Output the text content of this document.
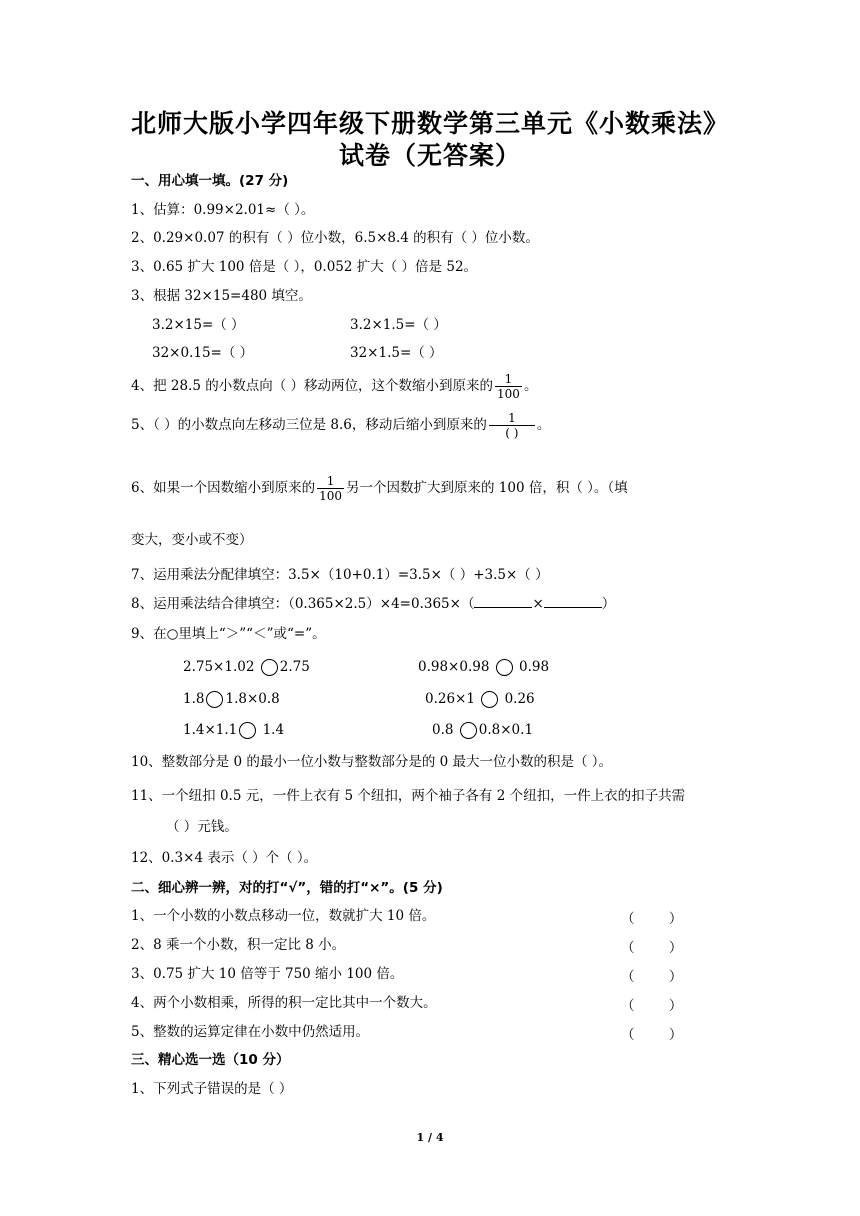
北师大版小学四年级下册数学第三单元《小数乘法》
试卷（无答案）
一、用心填一填。(27 分)
1、估算：0.99×2.01≈（ ）。
2、0.29×0.07 的积有（ ）位小数，6.5×8.4 的积有（ ）位小数。
3、0.65 扩大 100 倍是（ ），0.052 扩大（ ）倍是 52。
3、根据 32×15=480 填空。
3.2×15=（ ）	3.2×1.5=（ ）
32×0.15=（ ）	32×1.5=（ ）
4、把 28.5 的小数点向（ ）移动两位，这个数缩小到原来的 $\frac{1}{100}$ 。
5、（ ）的小数点向左移动三位是 8.6，移动后缩小到原来的 $\frac{1}{( )}$ 。
6、如果一个因数缩小到原来的 $\frac{1}{100}$ 另一个因数扩大到原来的 100 倍，积（ ）。（填
变大，变小或不变）
7、运用乘法分配律填空：3.5×（10+0.1）=3.5×（ ）+3.5×（ ）
8、运用乘法结合律填空：（0.365×2.5）×4=0.365×（	×	）
9、在○里填上“＞”“＜”或“=”。
2.75×1.02 2.75	0.98×0.98 0.98
1.8 1.8×0.8	0.26×1 0.26
1.4×1.1 1.4	0.8 0.8×0.1
10、整数部分是 0 的最小一位小数与整数部分是的 0 最大一位小数的积是（ ）。
11、一个纽扣 0.5 元，一件上衣有 5 个纽扣，两个袖子各有 2 个纽扣，一件上衣的扣子共需
（ ）元钱。
12、0.3×4 表示（ ）个（ ）。
二、细心辨一辨，对的打“√”，错的打“×”。(5 分)
1、一个小数的小数点移动一位，数就扩大 10 倍。	（        ）
2、8 乘一个小数，积一定比 8 小。	（        ）
3、0.75 扩大 10 倍等于 750 缩小 100 倍。	（        ）
4、两个小数相乘，所得的积一定比其中一个数大。	（        ）
5、整数的运算定律在小数中仍然适用。	（        ）
三、精心选一选（10 分）
1、下列式子错误的是（ ）
1 / 4
